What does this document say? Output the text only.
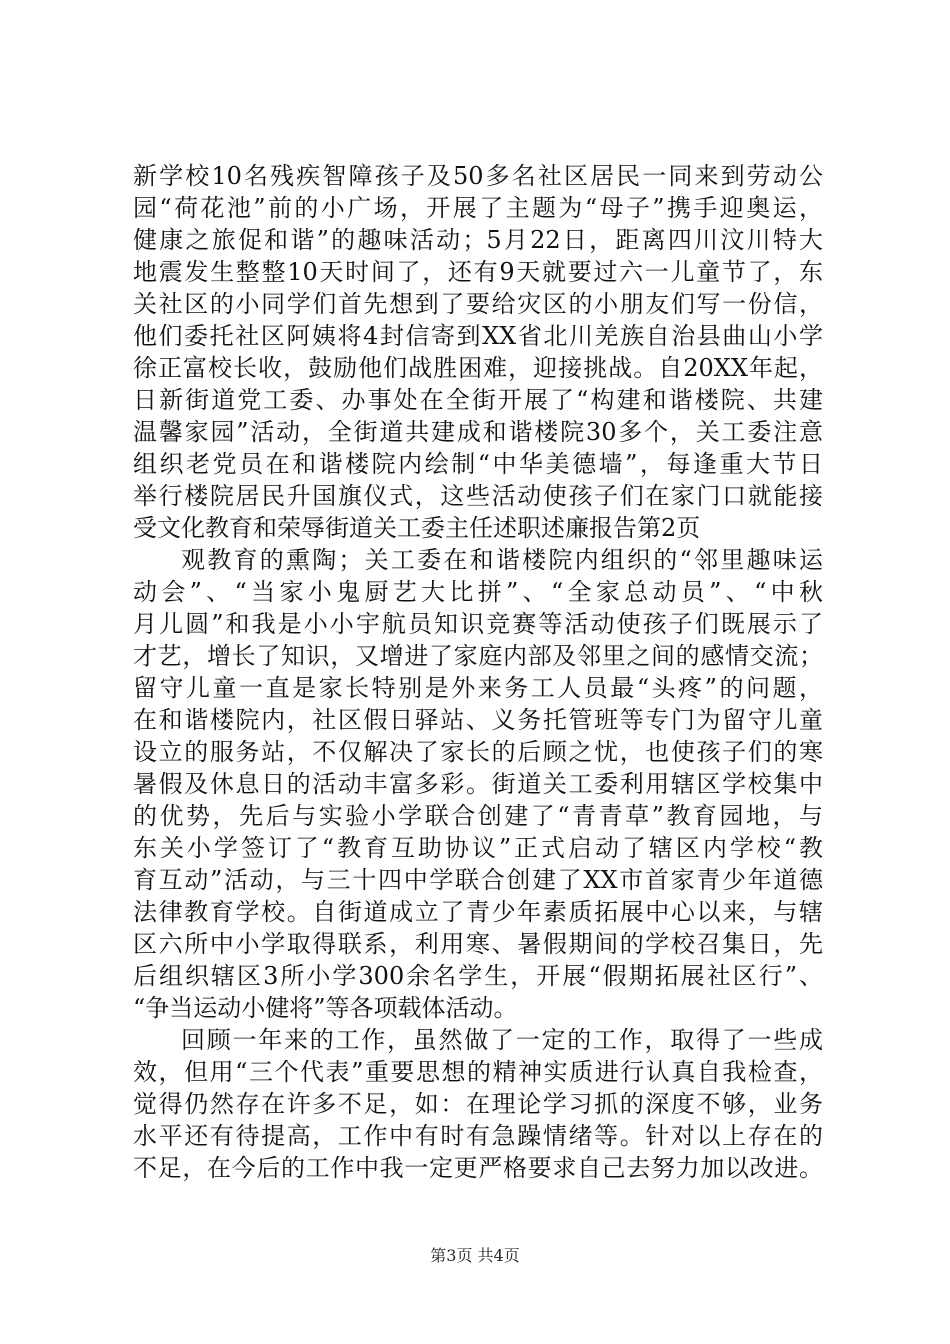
新学校10名残疾智障孩子及50多名社区居民一同来到劳动公
园“荷花池”前的小广场，开展了主题为“母子”携手迎奥运，
健康之旅促和谐”的趣味活动；5月22日，距离四川汶川特大
地震发生整整10天时间了，还有9天就要过六一儿童节了，东
关社区的小同学们首先想到了要给灾区的小朋友们写一份信，
他们委托社区阿姨将4封信寄到XX省北川羌族自治县曲山小学
徐正富校长收，鼓励他们战胜困难，迎接挑战。自20XX年起，
日新街道党工委、办事处在全街开展了“构建和谐楼院、共建
温馨家园”活动，全街道共建成和谐楼院30多个，关工委注意
组织老党员在和谐楼院内绘制“中华美德墙”，每逢重大节日
举行楼院居民升国旗仪式，这些活动使孩子们在家门口就能接
受文化教育和荣辱街道关工委主任述职述廉报告第2页
观教育的熏陶；关工委在和谐楼院内组织的“邻里趣味运
动会”、“当家小鬼厨艺大比拼”、“全家总动员”、“中秋
月儿圆”和我是小小宇航员知识竞赛等活动使孩子们既展示了
才艺，增长了知识，又增进了家庭内部及邻里之间的感情交流；
留守儿童一直是家长特别是外来务工人员最“头疼”的问题，
在和谐楼院内，社区假日驿站、义务托管班等专门为留守儿童
设立的服务站，不仅解决了家长的后顾之忧，也使孩子们的寒
暑假及休息日的活动丰富多彩。街道关工委利用辖区学校集中
的优势，先后与实验小学联合创建了“青青草”教育园地，与
东关小学签订了“教育互助协议”正式启动了辖区内学校“教
育互动”活动，与三十四中学联合创建了XX市首家青少年道德
法律教育学校。自街道成立了青少年素质拓展中心以来，与辖
区六所中小学取得联系，利用寒、暑假期间的学校召集日，先
后组织辖区3所小学300余名学生，开展“假期拓展社区行”、
“争当运动小健将”等各项载体活动。
回顾一年来的工作，虽然做了一定的工作，取得了一些成
效，但用“三个代表”重要思想的精神实质进行认真自我检查，
觉得仍然存在许多不足，如：在理论学习抓的深度不够，业务
水平还有待提高，工作中有时有急躁情绪等。针对以上存在的
不足，在今后的工作中我一定更严格要求自己去努力加以改进。
第3页 共4页
